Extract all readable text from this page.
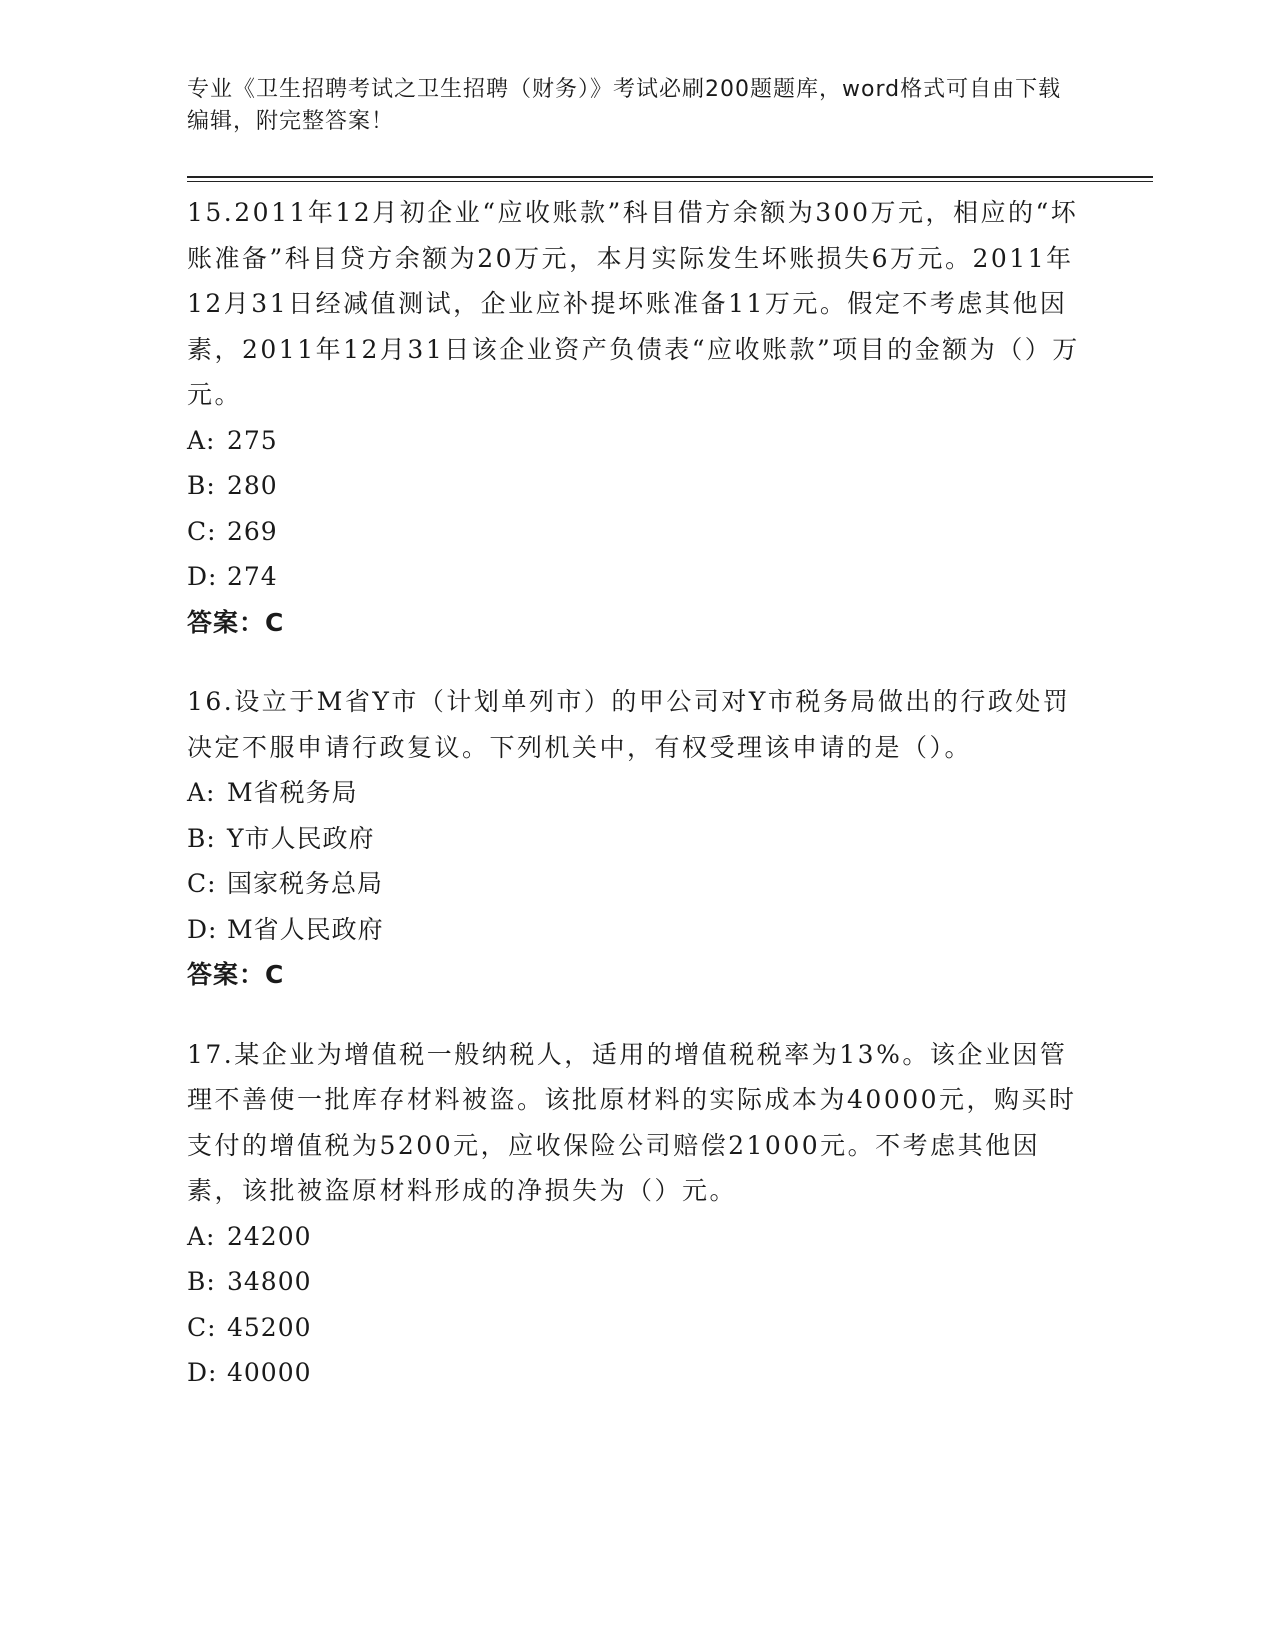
专业《卫生招聘考试之卫生招聘（财务）》考试必刷200题题库，word格式可自由下载编辑，附完整答案！
15.2011年12月初企业“应收账款”科目借方余额为300万元，相应的“坏账准备”科目贷方余额为20万元，本月实际发生坏账损失6万元。2011年12月31日经减值测试，企业应补提坏账准备11万元。假定不考虑其他因素，2011年12月31日该企业资产负债表“应收账款”项目的金额为（）万元。
A: 275
B: 280
C: 269
D: 274
答案：C
16.设立于M省Y市（计划单列市）的甲公司对Y市税务局做出的行政处罚决定不服申请行政复议。下列机关中，有权受理该申请的是（）。
A: M省税务局
B: Y市人民政府
C: 国家税务总局
D: M省人民政府
答案：C
17.某企业为增值税一般纳税人，适用的增值税税率为13%。该企业因管理不善使一批库存材料被盗。该批原材料的实际成本为40000元，购买时支付的增值税为5200元，应收保险公司赔偿21000元。不考虑其他因素，该批被盗原材料形成的净损失为（）元。
A: 24200
B: 34800
C: 45200
D: 40000
